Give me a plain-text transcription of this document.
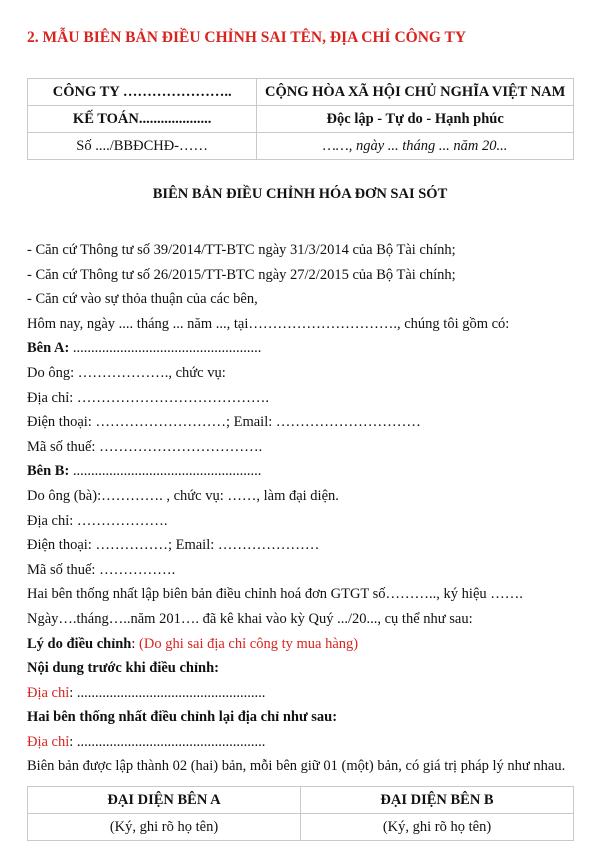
2. MẪU BIÊN BẢN ĐIỀU CHỈNH SAI TÊN, ĐỊA CHỈ CÔNG TY
CÔNG TY …………………..	CỘNG HÒA XÃ HỘI CHỦ NGHĨA VIỆT NAM
KẾ TOÁN....................	Độc lập - Tự do - Hạnh phúc
Số ..../BBĐCHĐ-……	……, ngày ... tháng ... năm 20...
BIÊN BẢN ĐIỀU CHỈNH HÓA ĐƠN SAI SÓT
- Căn cứ Thông tư số 39/2014/TT-BTC ngày 31/3/2014 của Bộ Tài chính;
- Căn cứ Thông tư số 26/2015/TT-BTC ngày 27/2/2015 của Bộ Tài chính;
- Căn cứ vào sự thỏa thuận của các bên,
Hôm nay, ngày .... tháng ... năm ..., tại…………………………., chúng tôi gồm có:
Bên A: ....................................................
Do ông: ………………., chức vụ:
Địa chỉ: ………………………………….
Điện thoại: ………………………; Email: …………………………
Mã số thuế: …………………………….
Bên B: ....................................................
Do ông (bà):…………. , chức vụ: ……, làm đại diện.
Địa chỉ: ……………….
Điện thoại: ……………; Email: …………………
Mã số thuế: …………….
Hai bên thống nhất lập biên bản điều chỉnh hoá đơn GTGT số……….., ký hiệu …….
Ngày….tháng…..năm 201…. đã kê khai vào kỳ Quý .../20..., cụ thể như sau:
Lý do điều chỉnh: (Do ghi sai địa chỉ công ty mua hàng)
Nội dung trước khi điều chỉnh:
Địa chỉ: ....................................................
Hai bên thống nhất điều chỉnh lại địa chỉ như sau:
Địa chỉ: ....................................................
Biên bản được lập thành 02 (hai) bản, mỗi bên giữ 01 (một) bản, có giá trị pháp lý như nhau.
ĐẠI DIỆN BÊN A	ĐẠI DIỆN BÊN B
(Ký, ghi rõ họ tên)	(Ký, ghi rõ họ tên)
